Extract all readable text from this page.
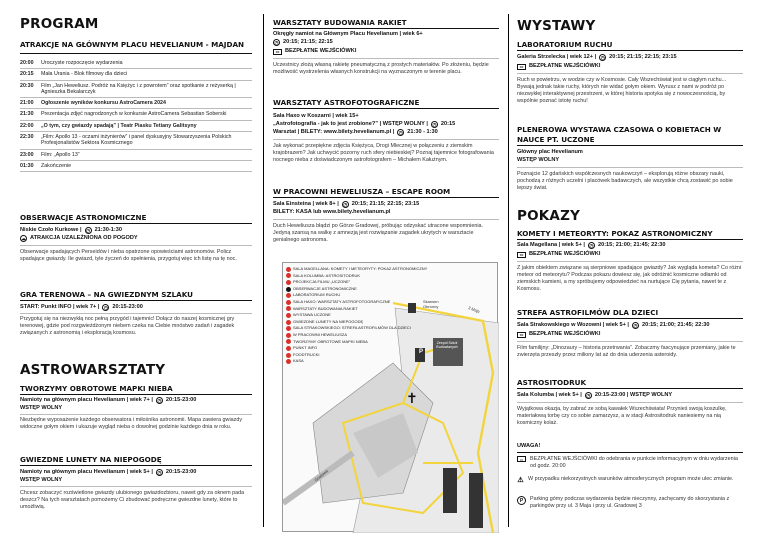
PROGRAM
ATRAKCJE NA GŁÓWNYM PLACU HEVELIANUM - MAJDAN
20:00	Uroczyste rozpoczęcie wydarzenia
20:15	Mała Urania - Blok filmowy dla dzieci
20:30	Film „Jan Heweliusz. Podróż na Księżyc i z powrotem” oraz spotkanie z reżyserką | Agnieszka Bekalarczyk
21:00	Ogłoszenie wyników konkursu AstroCamera 2024
21:30	Prezentacja zdjęć nagrodzonych w konkursie AstroCamera Sebastian Soberski
22:00	„O tym, czy gwiazdy spadają” | Teatr Piasku Tetiany Galitsyny
22:30	„Film: Apollo 13 - oczami inżynierów” i panel dyskusyjny Stowarzyszenia Polskich Profesjonalistów Sektora Kosmicznego
23:00	Film: „Apollo 13”
01:30	Zakończenie
OBSERWACJE ASTRONOMICZNE
Niskie Czoło Kurkowe |	◷ 21:30-1:30
☁ ATRAKCJA UZALEŻNIONA OD POGODY
Obserwacje spadających Perseidów i nieba opatrzone opowieściami astronomów. Policz spadające gwiazdy. Ile gwiazd, tyle życzeń do spełnienia, przygotuj więc ich listę na tę noc.
GRA TERENOWA – NA GWIEZDNYM SZLAKU
START: Punkt INFO | wiek 7+ |	◷ 20:15-23:00
Przygotuj się na niezwykłą noc pełną przygód i tajemnic! Dołącz do naszej kosmicznej gry terenowej, gdzie pod rozgwieżdżonym niebem czeka na Ciebie mnóstwo zadań i zagadek związanych z astronomią i eksploracją kosmosu.
ASTROWARSZTATY
TWORZYMY OBROTOWE MAPKI NIEBA
Namioty na głównym placu Hevelianum | wiek 7+ |	◷ 20:15-23:00
WSTĘP WOLNY
Niezbędne wyposażenie każdego obserwatora i miłośnika astronomii. Mapa zawiera gwiazdy widoczne gołym okiem i ukazuje wygląd nieba o dowolnej godzinie każdego dnia w roku.
GWIEZDNE LUNETY NA NIEPOGODĘ
Namioty na głównym placu Hevelianum | wiek 5+ |	◷ 20:15-23:00
WSTĘP WOLNY
Chcesz zobaczyć rozświetlone gwiazdy ulubionego gwiazdozbioru, nawet gdy za oknem pada deszcz? Na tych warsztatach pomożemy Ci zbudować podręczne gwiezdne lunety, które to umożliwią.
WARSZTATY BUDOWANIA RAKIET
Okręgły namiot na Głównym Placu Hevelianum | wiek 6+
◷ 20:15; 21:15; 22:15
▭	BEZPŁATNE WEJŚCIÓWKI
Uczestnicy złożą własną rakietę pneumatyczną z prostych materiałów. Po złożeniu, będzie możliwość wystrzelenia własnych konstrukcji na wyznaczonym w terenie placu.
WARSZTATY ASTROFOTOGRAFICZNE
Sala Haxo w Koszarni | wiek 15+
„Astrofotografia - jak to jest zrobione?” | WSTĘP WOLNY |	◷ 20:15
Warsztat | BILETY: www.bilety.hevelianum.pl |	◷ 21:30 - 1:30
Jak wykonać przepiękne zdjęcia Księżyca, Drogi Mlecznej w połączeniu z ziemskim krajobrazem? Jak uchwycić pozorny ruch sfery niebieskiej? Poznaj tajemnice fotografowania nocnego nieba z doświadczonym astrofotografem – Michałem Kałużnym.
W PRACOWNI HEWELIUSZA – ESCAPE ROOM
Sala Einsteina | wiek 8+ |	◷ 20:15; 21:15; 22:15; 23:15
BILETY: KASA lub www.bilety.hevelianum.pl
Duch Heweliusza błądzi po Górze Gradowej, próbując odzyskać utracone wspomnienia. Jedyną szansą na walkę z amnezją jest rozwiązanie zagadek ukrytych w warsztacie genialnego astronoma.
✝
SALA MAGELLANA: KOMETY I METEORYTY: POKAZ ASTRONOMICZNY
SALA KOLUMBA: ASTROSITODRUK
PROJEKCJA FILMU „UCZONE”
OBSERWACJE ASTRONOMICZNE
LABORATORIUM RUCHU
SALA HAXO: WARSZTATY ASTROFOTOGRAFICZNE
WARSZTATY BUDOWANIA RAKIET
WYSTAWA UCZONE
GWIEZDNE LUNETY NA NIEPOGODĘ
SALA STRAKOWSKIEGO: STREFA ASTROFILMÓW DLA DZIECI
W PRACOWNI HEWELIUSZA
TWORZYMY OBROTOWE MAPKI NIEBA
PUNKT INFO
FOODTRUCKI
KASA
Skansen Obronny
Zespół Szkół Budowlanych
3 Maja
Gradowa
P
WYSTAWY
LABORATORIUM RUCHU
Galeria Strzelecka | wiek 12+ |	◷ 20:15; 21:15; 22:15; 23:15
▭	BEZPŁATNE WEJŚCIÓWKI
Ruch w powietrzu, w wodzie czy w Kosmosie. Cały Wszechświat jest w ciągłym ruchu... Bywają jednak takie ruchy, których nie widać gołym okiem. Wyrusz z nami w podróż po niezwykłej interaktywnej przestrzeni, w której historia spotyka się z nowoczesnością, by wspólnie poznać istotę ruchu!
PLENEROWA WYSTAWA CZASOWA O KOBIETACH W NAUCE PT. UCZONE
Główny plac Hevelianum
WSTĘP WOLNY
Poznajcie 12 gdańskich współczesnych naukowczyń – eksplorują różne obszary nauki, pochodzą z różnych uczelni i placówek badawczych, ale wszystkie chcą zostawić po sobie lepszy świat.
POKAZY
KOMETY I METEORYTY: POKAZ ASTRONOMICZNY
Sala Magellana | wiek 5+ |	◷ 20:15; 21:00; 21:45; 22:30
▭	BEZPŁATNE WEJŚCIÓWKI
Z jakim obiektem związane są sierpniowe spadające gwiazdy? Jak wygląda kometa? Co różni meteor od meteorytu? Podczas pokazu dowiesz się, jak odróżnić kosmiczne odłamki od ziemskich kamieni, a my spróbujemy odpowiedzieć na nurtujące Cię pytania, nawet te z Kosmosu.
STREFA ASTROFILMÓW DLA DZIECI
Sala Strakowskiego w Wozowni | wiek 5+ |	◷ 20:15; 21:00; 21:45; 22:30
▭	BEZPŁATNE WEJŚCIÓWKI
Film familijny: „Dinozaury – historia przetrwania”. Zobaczmy fascynujące przemiany, jakie te zwierzęta przeszły przez miliony lat aż do dnia uderzenia asteroidy.
ASTROSITODRUK
Sala Kolumba | wiek 5+ |	◷ 20:15-23:00 | WSTĘP WOLNY
Wyjątkowa okazja, by zabrać ze sobą kawałek Wszechświata! Przynieś swoją koszulkę, materiałową torbę czy co sobie zamarzysz, a w stacji Astrositodruk naniesiemy na nią kosmiczny kolaż.
UWAGA!
▭	BEZPŁATNE WEJŚCIÓWKI do odebrania w punkcie informacyjnym w dniu wydarzenia od godz. 20:00
⚠ W przypadku niekorzystnych warunków atmosferycznych program może ulec zmianie.
P	Parking gómy podczas wydarzenia będzie nieczynny, zachęcamy do skorzystania z parkingów przy ul. 3 Maja i przy ul. Gradowej 3
